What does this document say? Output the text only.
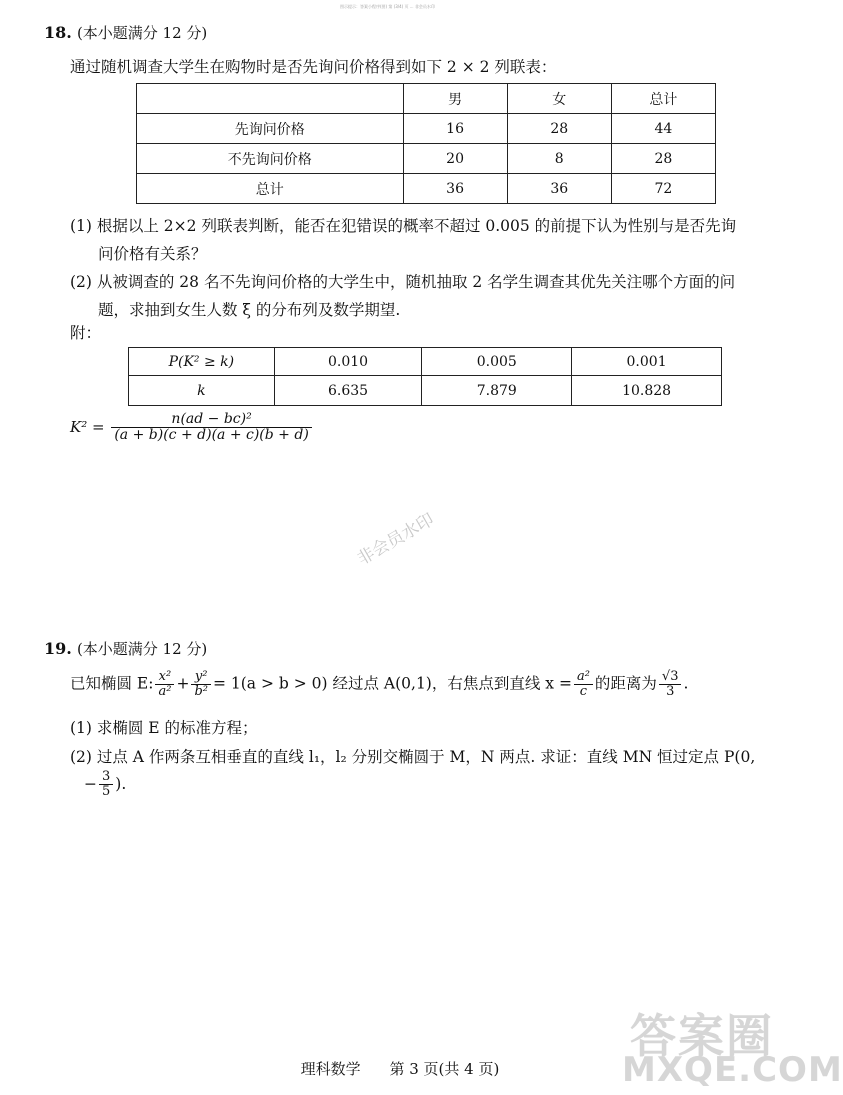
图示提示：答案小程序(图) 第 (3/4) 页 ... 非会员水印
18. (本小题满分 12 分)
通过随机调查大学生在购物时是否先询问价格得到如下 2 × 2 列联表：
	男	女	总计
先询问价格	16	28	44
不先询问价格	20	8	28
总计	36	36	72
(1) 根据以上 2×2 列联表判断，能否在犯错误的概率不超过 0.005 的前提下认为性别与是否先询
问价格有关系？
(2) 从被调查的 28 名不先询问价格的大学生中，随机抽取 2 名学生调查其优先关注哪个方面的问
题，求抽到女生人数 ξ 的分布列及数学期望.
附：
P(K² ≥ k)	0.010	0.005	0.001
k	6.635	7.879	10.828
$K^2 = \frac{\text{n(ad − bc)²}}{(a + b)(c + d)(a + c)(b + d)}$
非会员水印
19. (本小题满分 12 分)
已知椭圆 E: $\frac{\text{x²}}{\text{a²}} + \frac{\text{y²}}{\text{b²}} = 1(a > b > 0)$ 经过点 A(0,1)，右焦点到直线 $x = \frac{\text{a²}}{c}$ 的距离为 $\frac{√3}{3}$ .
(1) 求椭圆 E 的标准方程；
(2) 过点 A 作两条互相垂直的直线 l₁，l₂ 分别交椭圆于 M，N 两点. 求证：直线 MN 恒过定点 P(0,
− $\frac{3}{5}$ ).
理科数学 第 3 页(共 4 页)
答案圈
MXQE.COM
